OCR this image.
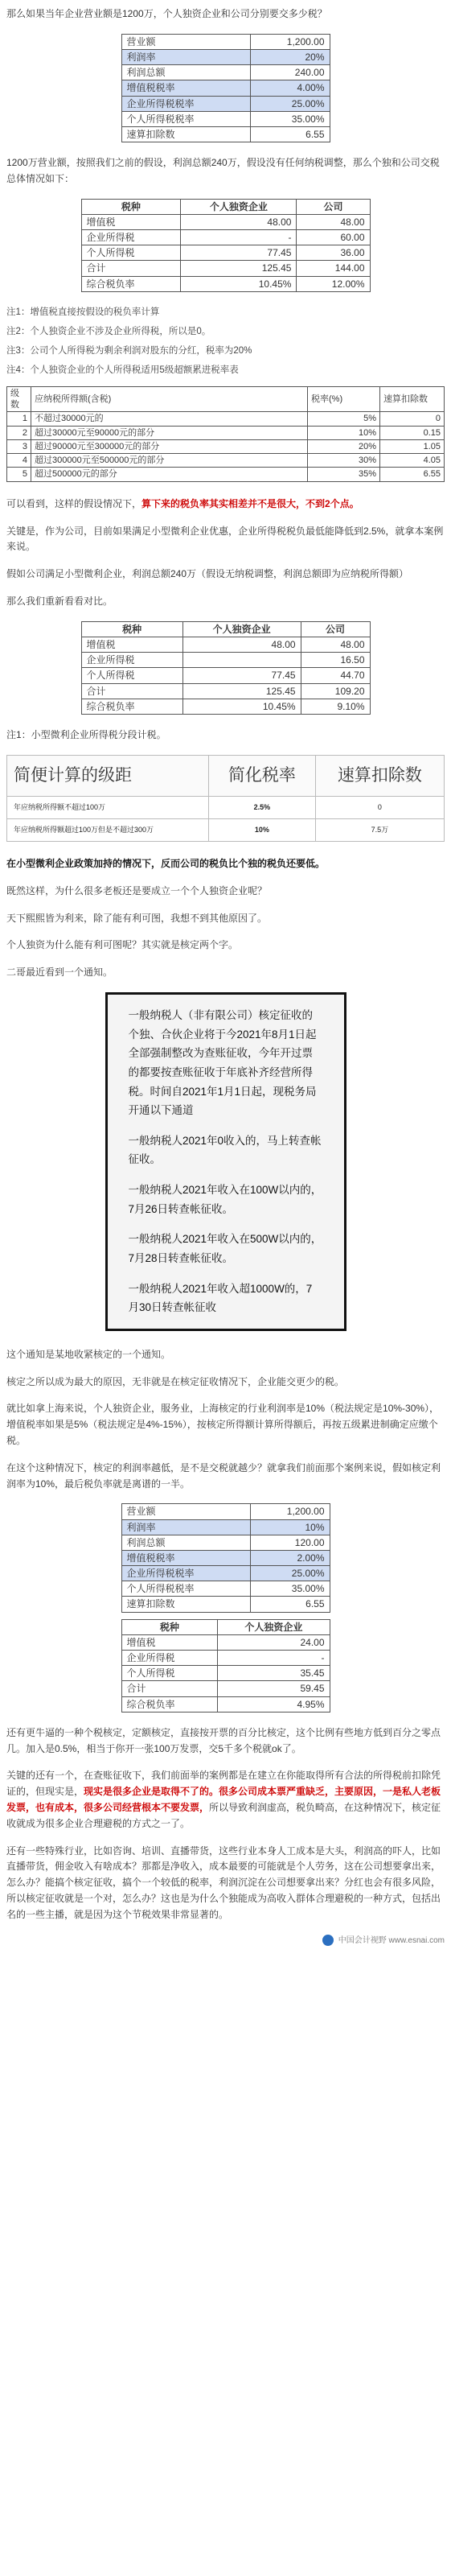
那么如果当年企业营业额是1200万，个人独资企业和公司分别要交多少税？

营业额	1,200.00
利润率	20%
利润总额	240.00
增值税税率	4.00%
企业所得税税率	25.00%
个人所得税税率	35.00%
速算扣除数	6.55

1200万营业额，按照我们之前的假设，利润总额240万，假设没有任何纳税调整，那么个独和公司交税总体情况如下：

税种	个人独资企业	公司
增值税	48.00	48.00
企业所得税	-	60.00
个人所得税	77.45	36.00
合计	125.45	144.00
综合税负率	10.45%	12.00%

注1：增值税直接按假设的税负率计算

注2：个人独资企业不涉及企业所得税，所以是0。

注3：公司个人所得税为剩余利润对股东的分红，税率为20%

注4：个人独资企业的个人所得税适用5级超额累进税率表

级数	应纳税所得额(含税)	税率(%)	速算扣除数
1	不超过30000元的	5%	0
2	超过30000元至90000元的部分	10%	0.15
3	超过90000元至300000元的部分	20%	1.05
4	超过300000元至500000元的部分	30%	4.05
5	超过500000元的部分	35%	6.55

可以看到，这样的假设情况下，算下来的税负率其实相差并不是很大，不到2个点。

关键是，作为公司，目前如果满足小型微利企业优惠，企业所得税税负最低能降低到2.5%，就拿本案例来说。

假如公司满足小型微利企业，利润总额240万（假设无纳税调整，利润总额即为应纳税所得额）

那么我们重新看看对比。

税种	个人独资企业	公司
增值税	48.00	48.00
企业所得税		16.50
个人所得税	77.45	44.70
合计	125.45	109.20
综合税负率	10.45%	9.10%

注1：小型微利企业所得税分段计税。

简便计算的级距	简化税率	速算扣除数
年应纳税所得额不超过100万	2.5%	0
年应纳税所得额超过100万但是不超过300万	10%	7.5万

在小型微利企业政策加持的情况下，反而公司的税负比个独的税负还要低。

既然这样，为什么很多老板还是要成立一个个人独资企业呢？

天下熙熙皆为利来，除了能有利可图，我想不到其他原因了。

个人独资为什么能有利可图呢？其实就是核定两个字。

二哥最近看到一个通知。

一般纳税人（非有限公司）核定征收的个独、合伙企业将于今2021年8月1日起全部强制整改为查账征收，今年开过票的都要按查账征收于年底补齐经营所得税。时间自2021年1月1日起，现税务局开通以下通道

一般纳税人2021年0收入的，马上转查帐征收。

一般纳税人2021年收入在100W以内的，7月26日转查帐征收。

一般纳税人2021年收入在500W以内的，7月28日转查帐征收。

一般纳税人2021年收入超1000W的，7月30日转查帐征收

这个通知是某地收紧核定的一个通知。

核定之所以成为最大的原因，无非就是在核定征收情况下，企业能交更少的税。

就比如拿上海来说，个人独资企业，服务业，上海核定的行业利润率是10%（税法规定是10%-30%），增值税率如果是5%（税法规定是4%-15%），按核定所得额计算所得额后，再按五级累进制确定应缴个税。

在这个这种情况下，核定的利润率越低，是不是交税就越少？就拿我们前面那个案例来说，假如核定利润率为10%，最后税负率就是离谱的一半。

营业额	1,200.00
利润率	10%
利润总额	120.00
增值税税率	2.00%
企业所得税税率	25.00%
个人所得税税率	35.00%
速算扣除数	6.55
税种	个人独资企业
增值税	24.00
企业所得税	-
个人所得税	35.45
合计	59.45
综合税负率	4.95%

还有更牛逼的一种个税核定，定额核定，直接按开票的百分比核定，这个比例有些地方低到百分之零点几。加入是0.5%，相当于你开一张100万发票，交5千多个税就ok了。

关键的还有一个，在查账征收下，我们前面举的案例都是在建立在你能取得所有合法的所得税前扣除凭证的，但现实是，现实是很多企业是取得不了的。很多公司成本票严重缺乏，主要原因，一是私人老板发票，也有成本，很多公司经营根本不要发票，所以导致利润虚高，税负畸高，在这种情况下，核定征收就成为很多企业合理避税的方式之一了。

还有一些特殊行业，比如咨询、培训、直播带货，这些行业本身人工成本是大头，利润高的吓人，比如直播带货，佣金收入有啥成本？那都是净收入，成本最要的可能就是个人劳务，这在公司想要拿出来，怎么办？能搞个核定征收，搞个一个较低的税率，利润沉淀在公司想要拿出来？分红也会有很多风险，所以核定征收就是一个对，怎么办？这也是为什么个独能成为高收入群体合理避税的一种方式，包括出名的一些主播，就是因为这个节税效果非常显著的。

中国会计视野 www.esnai.com
